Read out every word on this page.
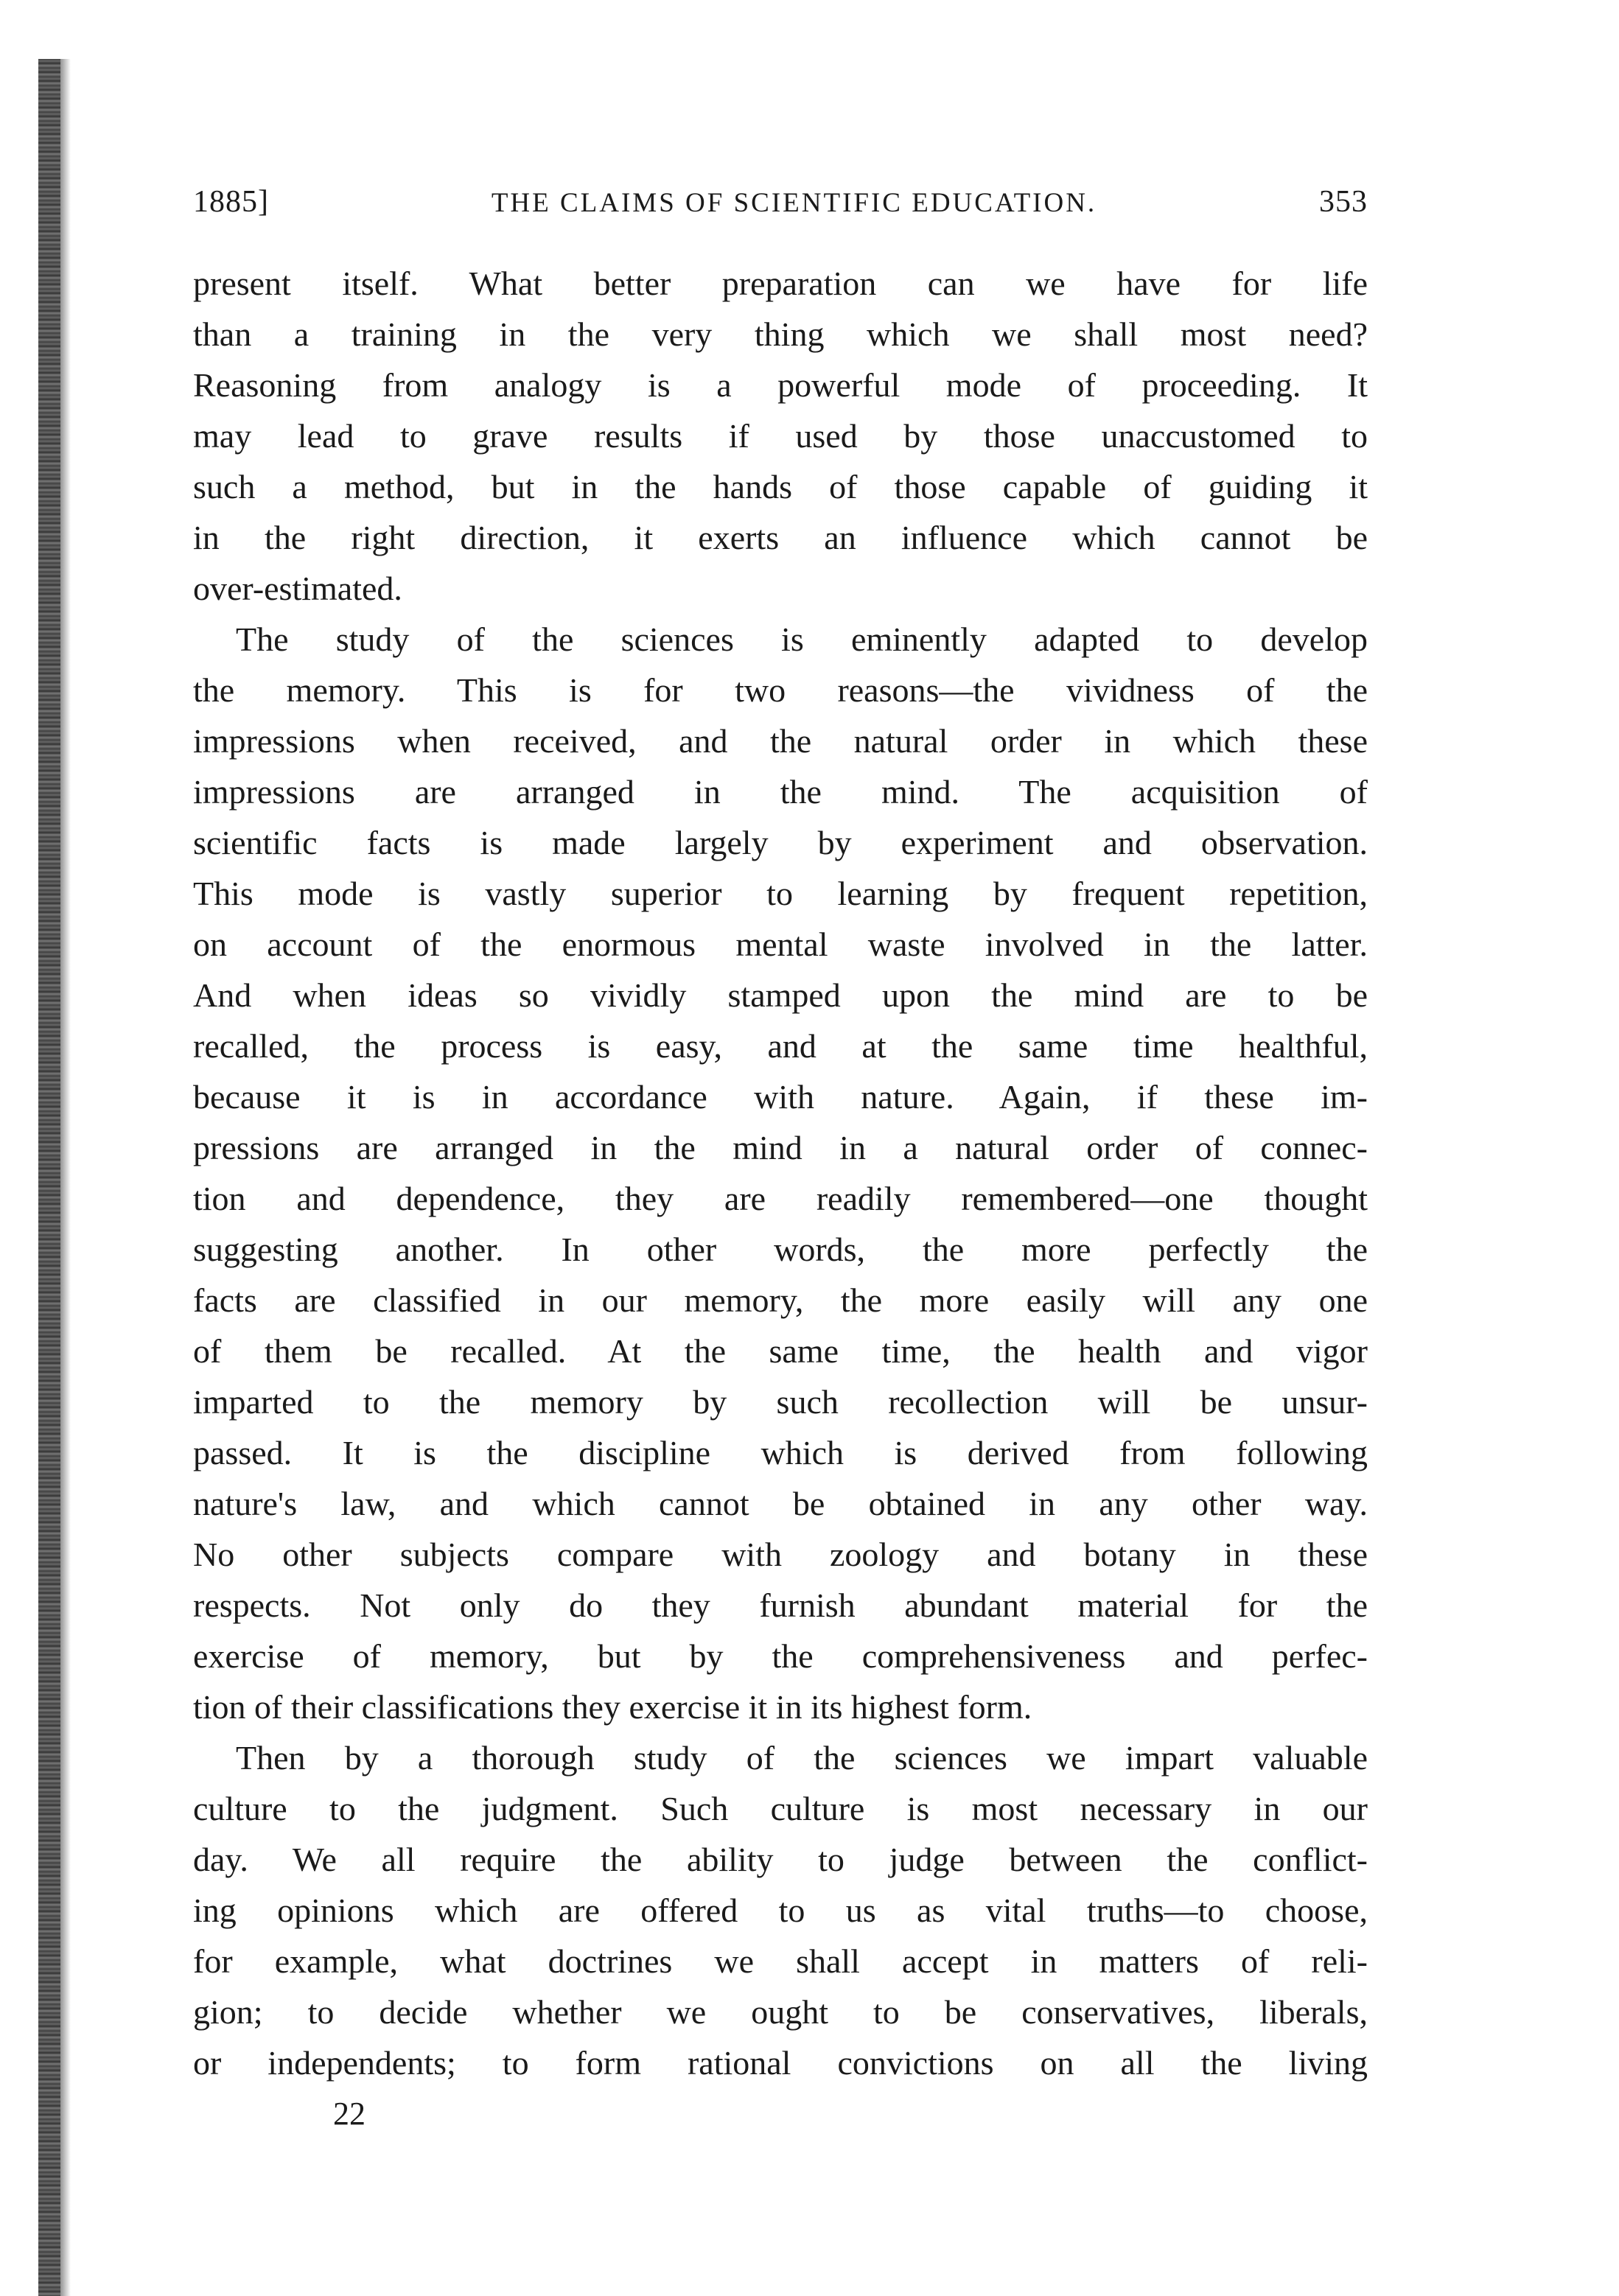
1885]	THE CLAIMS OF SCIENTIFIC EDUCATION.	353
present itself. What better preparation can we have for life
than a training in the very thing which we shall most need?
Reasoning from analogy is a powerful mode of proceeding. It
may lead to grave results if used by those unaccustomed to
such a method, but in the hands of those capable of guiding it
in the right direction, it exerts an influence which cannot be
over-estimated.
The study of the sciences is eminently adapted to develop
the memory. This is for two reasons—the vividness of the
impressions when received, and the natural order in which these
impressions are arranged in the mind. The acquisition of
scientific facts is made largely by experiment and observation.
This mode is vastly superior to learning by frequent repetition,
on account of the enormous mental waste involved in the latter.
And when ideas so vividly stamped upon the mind are to be
recalled, the process is easy, and at the same time healthful,
because it is in accordance with nature. Again, if these im-
pressions are arranged in the mind in a natural order of connec-
tion and dependence, they are readily remembered—one thought
suggesting another. In other words, the more perfectly the
facts are classified in our memory, the more easily will any one
of them be recalled. At the same time, the health and vigor
imparted to the memory by such recollection will be unsur-
passed. It is the discipline which is derived from following
nature's law, and which cannot be obtained in any other way.
No other subjects compare with zoology and botany in these
respects. Not only do they furnish abundant material for the
exercise of memory, but by the comprehensiveness and perfec-
tion of their classifications they exercise it in its highest form.
Then by a thorough study of the sciences we impart valuable
culture to the judgment. Such culture is most necessary in our
day. We all require the ability to judge between the conflict-
ing opinions which are offered to us as vital truths—to choose,
for example, what doctrines we shall accept in matters of reli-
gion; to decide whether we ought to be conservatives, liberals,
or independents; to form rational convictions on all the living
22
